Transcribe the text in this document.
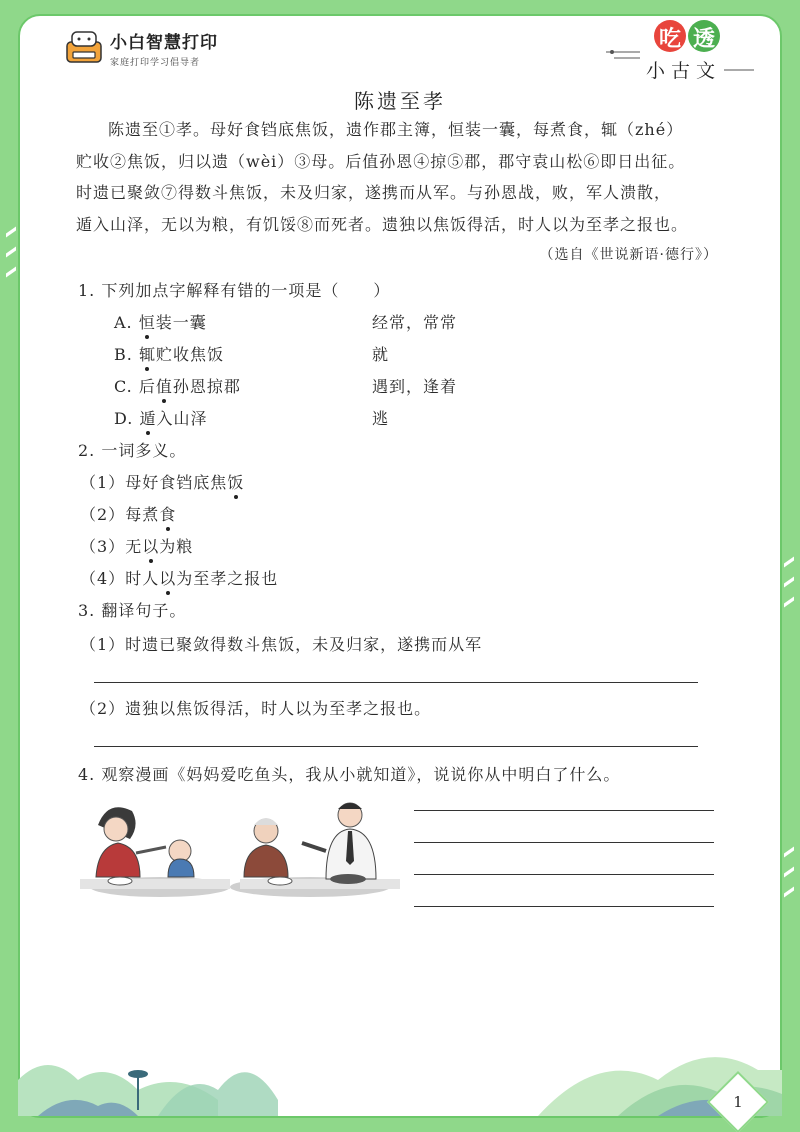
小白智慧打印
家庭打印学习倡导者
吃 透
小古文
陈遗至孝
陈遗至①孝。母好食铛底焦饭，遗作郡主簿，恒装一囊，每煮食，辄（zhé）
贮收②焦饭，归以遗（wèi）③母。后值孙恩④掠⑤郡，郡守袁山松⑥即日出征。
时遗已聚敛⑦得数斗焦饭，未及归家，遂携而从军。与孙恩战，败，军人溃散，
遁入山泽，无以为粮，有饥馁⑧而死者。遗独以焦饭得活，时人以为至孝之报也。
（选自《世说新语·德行》）
1. 下列加点字解释有错的一项是（　　）
A. 恒装一囊	经常，常常
B. 辄贮收焦饭	就
C. 后值孙恩掠郡	遇到，逢着
D. 遁入山泽	逃
2. 一词多义。
（1）母好食铛底焦饭
（2）每煮食
（3）无以为粮
（4）时人以为至孝之报也
3. 翻译句子。
（1）时遗已聚敛得数斗焦饭，未及归家，遂携而从军
（2）遗独以焦饭得活，时人以为至孝之报也。
4. 观察漫画《妈妈爱吃鱼头，我从小就知道》，说说你从中明白了什么。
1
